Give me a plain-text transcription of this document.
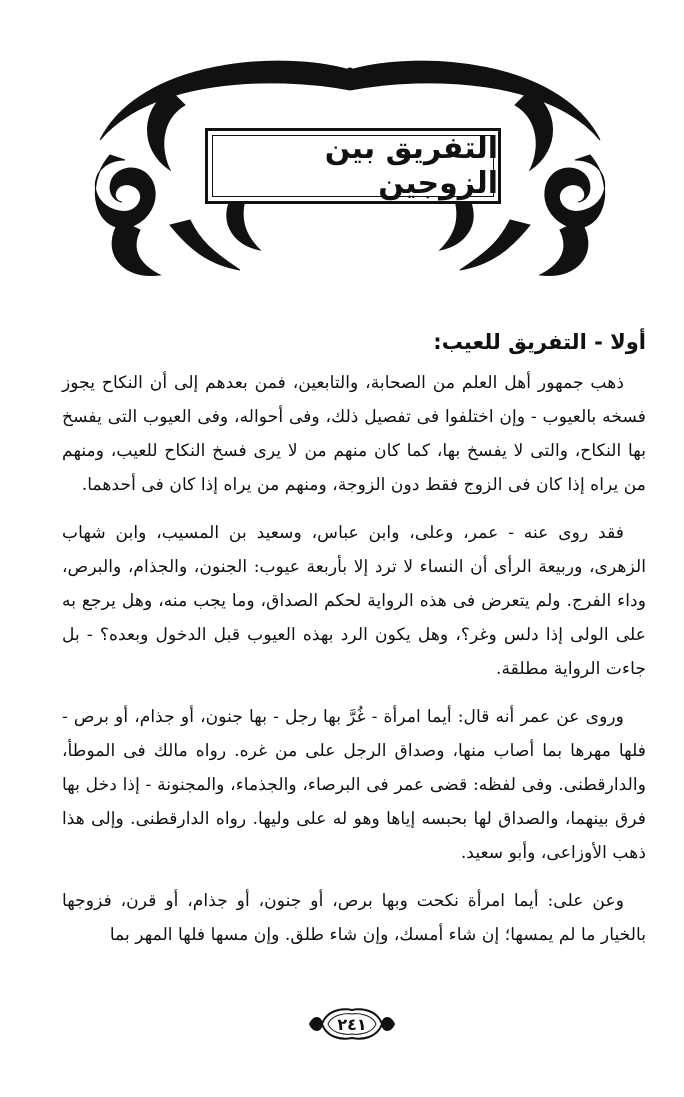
التفريق بين الزوجين
أولا - التفريق للعيب:

ذهب جمهور أهل العلم من الصحابة، والتابعين، فمن بعدهم إلى أن النكاح يجوز فسخه بالعيوب - وإن اختلفوا فى تفصيل ذلك، وفى أحواله، وفى العيوب التى يفسخ بها النكاح، والتى لا يفسخ بها، كما كان منهم من لا يرى فسخ النكاح للعيب، ومنهم من يراه إذا كان فى الزوج فقط دون الزوجة، ومنهم من يراه إذا كان فى أحدهما.

فقد روى عنه - عمر، وعلى، وابن عباس، وسعيد بن المسيب، وابن شهاب الزهرى، وربيعة الرأى أن النساء لا ترد إلا بأربعة عيوب: الجنون، والجذام، والبرص، وداء الفرج. ولم يتعرض فى هذه الرواية لحكم الصداق، وما يجب منه، وهل يرجع به على الولى إذا دلس وغر؟، وهل يكون الرد بهذه العيوب قبل الدخول وبعده؟ - بل جاءت الرواية مطلقة.

وروى عن عمر أنه قال: أيما امرأة - غُرَّ بها رجل - بها جنون، أو جذام، أو برص - فلها مهرها بما أصاب منها، وصداق الرجل على من غره. رواه مالك فى الموطأ، والدارقطنى. وفى لفظه: قضى عمر فى البرصاء، والجذماء، والمجنونة - إذا دخل بها فرق بينهما، والصداق لها بحبسه إياها وهو له على وليها. رواه الدارقطنى. وإلى هذا ذهب الأوزاعى، وأبو سعيد.

وعن على: أيما امرأة نكحت وبها برص، أو جنون، أو جذام، أو قرن، فزوجها بالخيار ما لم يمسها؛ إن شاء أمسك، وإن شاء طلق. وإن مسها فلها المهر بما

٢٤١
